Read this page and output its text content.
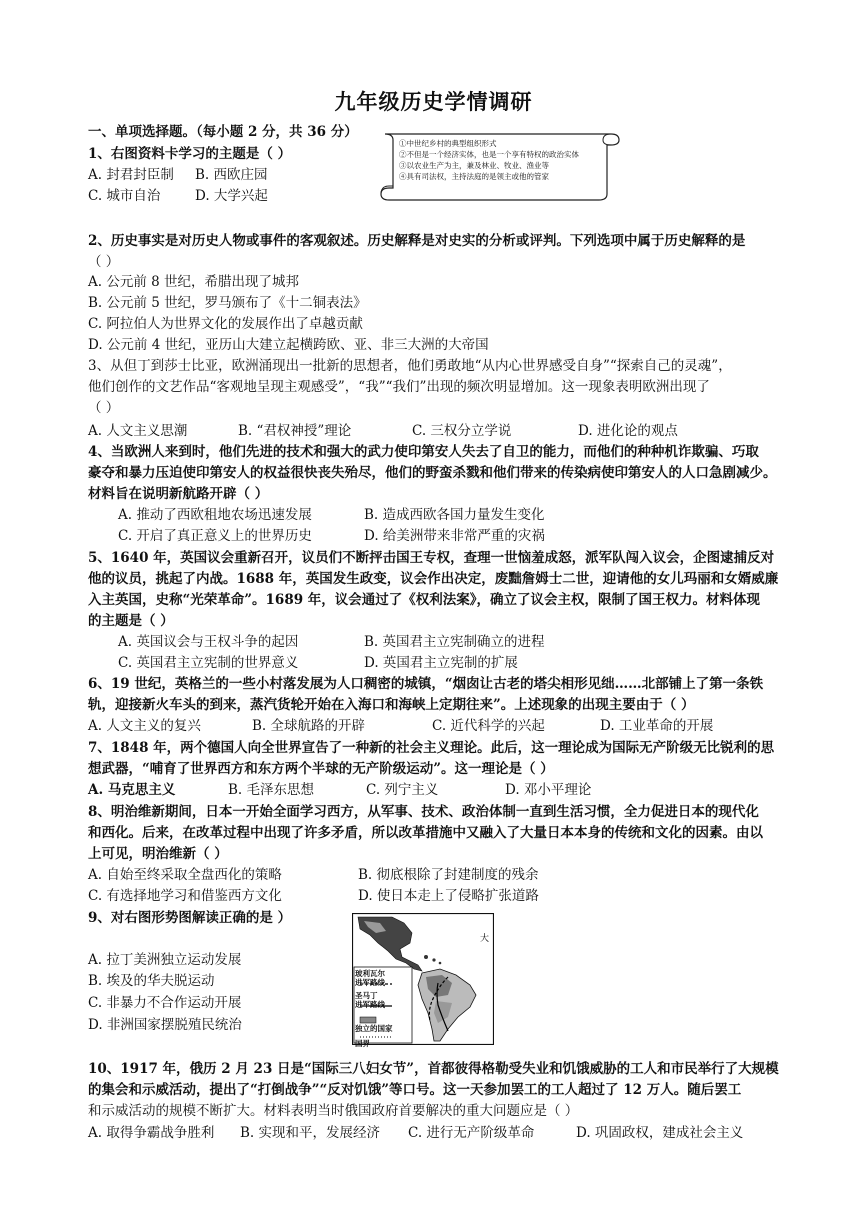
九年级历史学情调研
一、单项选择题。（每小题 2 分，共 36 分）
①中世纪乡村的典型组织形式
②不但是一个经济实体，也是一个享有特权的政治实体
③以农业生产为主，兼及林业、牧业、渔业等
④具有司法权，主持法庭的是领主或他的管家
1、右图资料卡学习的主题是（ ）
A. 封君封臣制 B. 西欧庄园
C. 城市自治	D. 大学兴起
2、历史事实是对历史人物或事件的客观叙述。历史解释是对史实的分析或评判。下列选项中属于历史解释的是
（ ）
A. 公元前 8 世纪，希腊出现了城邦
B. 公元前 5 世纪，罗马颁布了《十二铜表法》
C. 阿拉伯人为世界文化的发展作出了卓越贡献
D. 公元前 4 世纪，亚历山大建立起横跨欧、亚、非三大洲的大帝国
3、从但丁到莎士比亚，欧洲涌现出一批新的思想者，他们勇敢地“从内心世界感受自身”“探索自己的灵魂”，
他们创作的文艺作品“客观地呈现主观感受”，“我”“我们”出现的频次明显增加。这一现象表明欧洲出现了
（ ）
A. 人文主义思潮	B. “君权神授”理论	C. 三权分立学说	D. 进化论的观点
4、当欧洲人来到时，他们先进的技术和强大的武力使印第安人失去了自卫的能力，而他们的种种机诈欺骗、巧取
豪夺和暴力压迫使印第安人的权益很快丧失殆尽，他们的野蛮杀戮和他们带来的传染病使印第安人的人口急剧减少。
材料旨在说明新航路开辟（ ）
A. 推动了西欧租地农场迅速发展	B. 造成西欧各国力量发生变化
C. 开启了真正意义上的世界历史	D. 给美洲带来非常严重的灾祸
5、1640 年，英国议会重新召开，议员们不断抨击国王专权，查理一世恼羞成怒，派军队闯入议会，企图逮捕反对
他的议员，挑起了内战。1688 年，英国发生政变，议会作出决定，废黜詹姆士二世，迎请他的女儿玛丽和女婿威廉
入主英国，史称“光荣革命”。1689 年，议会通过了《权利法案》，确立了议会主权，限制了国王权力。材料体现
的主题是（ ）
A. 英国议会与王权斗争的起因	B. 英国君主立宪制确立的进程
C. 英国君主立宪制的世界意义	D. 英国君主立宪制的扩展
6、19 世纪，英格兰的一些小村落发展为人口稠密的城镇，“烟囱让古老的塔尖相形见绌……北部铺上了第一条铁
轨，迎接新火车头的到来，蒸汽货轮开始在入海口和海峡上定期往来”。上述现象的出现主要由于（ ）
A. 人文主义的复兴	B. 全球航路的开辟	C. 近代科学的兴起	D. 工业革命的开展
7、1848 年，两个德国人向全世界宣告了一种新的社会主义理论。此后，这一理论成为国际无产阶级无比锐利的思
想武器，“哺育了世界西方和东方两个半球的无产阶级运动”。这一理论是（ ）
A. 马克思主义	B. 毛泽东思想	C. 列宁主义	D. 邓小平理论
8、明治维新期间，日本一开始全面学习西方，从军事、技术、政治体制一直到生活习惯，全力促进日本的现代化
和西化。后来，在改革过程中出现了许多矛盾，所以改革措施中又融入了大量日本本身的传统和文化的因素。由以
上可见，明治维新（ ）
A. 自始至终采取全盘西化的策略	B. 彻底根除了封建制度的残余
C. 有选择地学习和借鉴西方文化	D. 使日本走上了侵略扩张道路
9、对右图形势图解读正确的是 ）
A. 拉丁美洲独立运动发展
B. 埃及的华夫脱运动
C. 非暴力不合作运动开展
D. 非洲国家摆脱殖民统治
大
玻利瓦尔
进军路线
圣马丁
进军路线
独立的国家
国界
10、1917 年，俄历 2 月 23 日是“国际三八妇女节”，首都彼得格勒受失业和饥饿威胁的工人和市民举行了大规模
的集会和示威活动，提出了“打倒战争”“反对饥饿”等口号。这一天参加罢工的工人超过了 12 万人。随后罢工
和示威活动的规模不断扩大。材料表明当时俄国政府首要解决的重大问题应是（ ）
A. 取得争霸战争胜利 B. 实现和平，发展经济 C. 进行无产阶级革命	D. 巩固政权，建成社会主义
